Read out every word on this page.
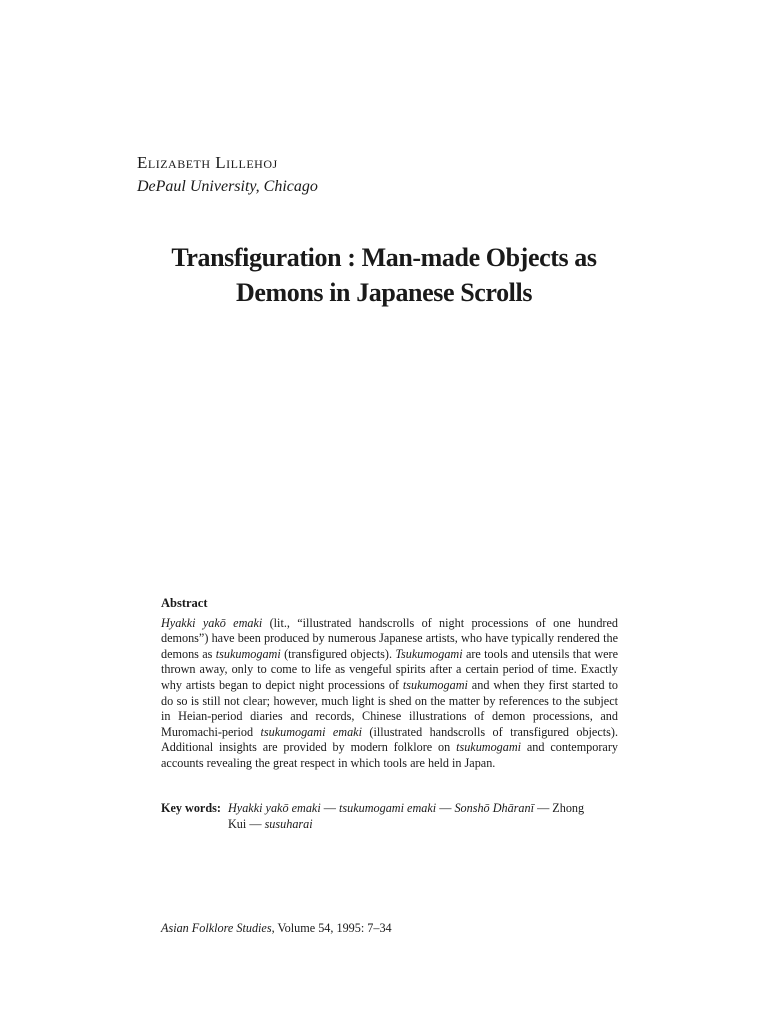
Elizabeth Lillehoj
DePaul University, Chicago
Transfiguration : Man-made Objects as
Demons in Japanese Scrolls
Abstract

Hyakki yakō emaki (lit., “illustrated handscrolls of night processions of one hundred demons”) have been produced by numerous Japanese artists, who have typically rendered the demons as tsukumogami (transfigured objects). Tsukumogami are tools and utensils that were thrown away, only to come to life as vengeful spirits after a certain period of time. Exactly why artists began to depict night processions of tsukumogami and when they first started to do so is still not clear; however, much light is shed on the matter by references to the subject in Heian-period diaries and records, Chinese illustrations of demon processions, and Muromachi-period tsukumogami emaki (illustrated handscrolls of transfigured objects). Additional insights are provided by modern folklore on tsukumogami and contemporary accounts revealing the great respect in which tools are held in Japan.

Key words: Hyakki yakō emaki — tsukumogami emaki — Sonshō Dhāranī — Zhong
Kui — susuharai
Asian Folklore Studies, Volume 54, 1995: 7–34
